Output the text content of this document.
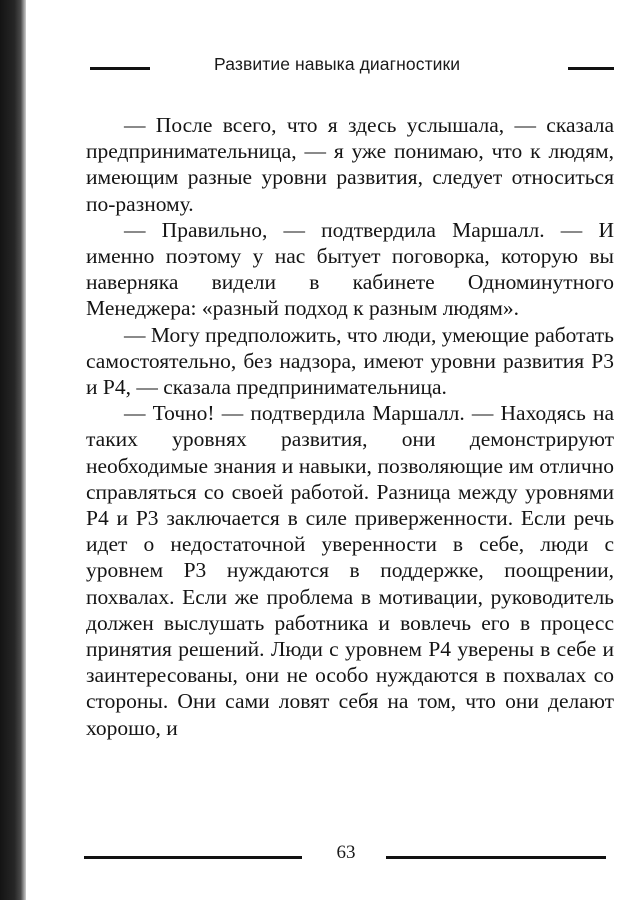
Развитие навыка диагностики

— После всего, что я здесь услышала, — сказала предпринимательница, — я уже понимаю, что к людям, имеющим разные уровни развития, следует относиться по-разному.

— Правильно, — подтвердила Маршалл. — И именно поэтому у нас бытует поговорка, которую вы наверняка видели в кабинете Одноминутного Менеджера: «разный подход к разным людям».

— Могу предположить, что люди, умеющие работать самостоятельно, без надзора, имеют уровни развития Р3 и Р4, — сказала предпринимательница.

— Точно! — подтвердила Маршалл. — Находясь на таких уровнях развития, они демонстрируют необходимые знания и навыки, позволяющие им отлично справляться со своей работой. Разница между уровнями Р4 и Р3 заключается в силе приверженности. Если речь идет о недостаточной уверенности в себе, люди с уровнем Р3 нуждаются в поддержке, поощрении, похвалах. Если же проблема в мотивации, руководитель должен выслушать работника и вовлечь его в процесс принятия решений. Люди с уровнем Р4 уверены в себе и заинтересованы, они не особо нуждаются в похвалах со стороны. Они сами ловят себя на том, что они делают хорошо, и

63
